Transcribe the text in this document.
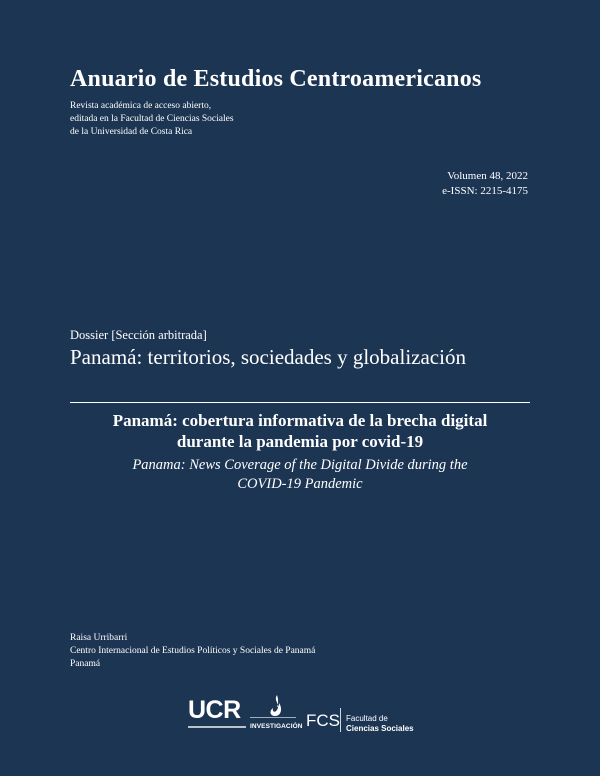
Anuario de Estudios Centroamericanos
Revista académica de acceso abierto,
editada en la Facultad de Ciencias Sociales
de la Universidad de Costa Rica
Volumen 48, 2022
e-ISSN: 2215-4175
Dossier [Sección arbitrada]
Panamá: territorios, sociedades y globalización
Panamá: cobertura informativa de la brecha digital
durante la pandemia por covid-19
Panama: News Coverage of the Digital Divide during the
COVID-19 Pandemic
Raisa Urribarri
Centro Internacional de Estudios Políticos y Sociales de Panamá
Panamá
UCR
INVESTIGACIÓN FCS Facultad de
Ciencias Sociales
